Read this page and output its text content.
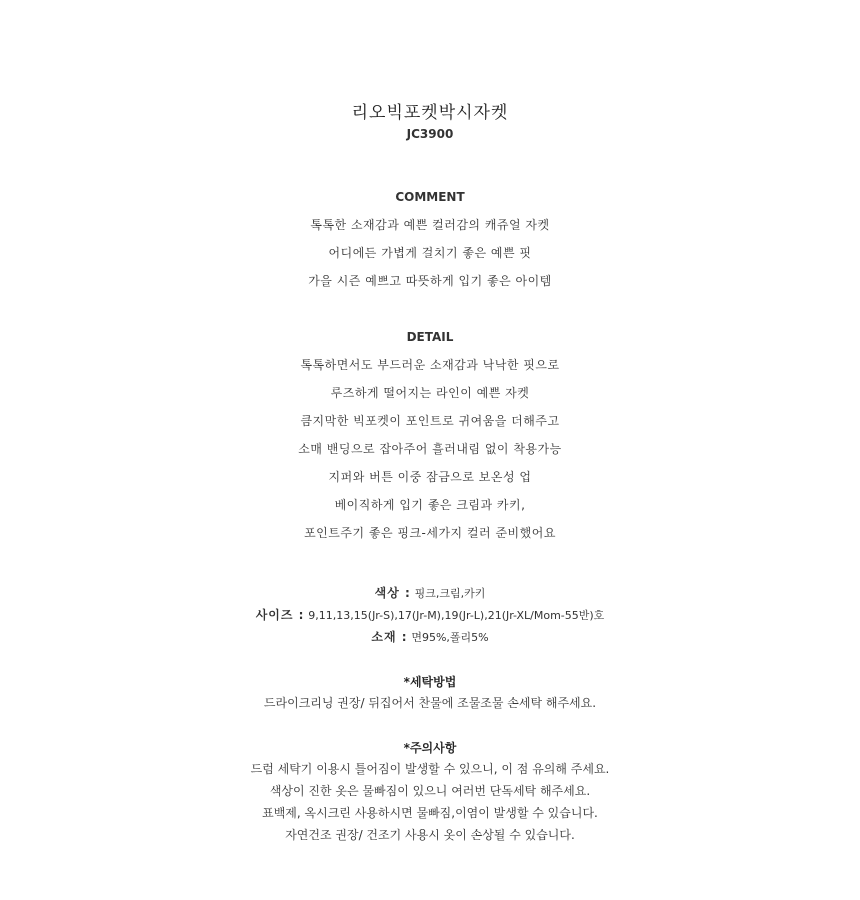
리오빅포켓박시자켓
JC3900
COMMENT
톡톡한 소재감과 예쁜 컬러감의 캐쥬얼 자켓
어디에든 가볍게 걸치기 좋은 예쁜 핏
가을 시즌 예쁘고 따뜻하게 입기 좋은 아이템
DETAIL
톡톡하면서도 부드러운 소재감과 낙낙한 핏으로
루즈하게 떨어지는 라인이 예쁜 자켓
큼지막한 빅포켓이 포인트로 귀여움을 더해주고
소매 밴딩으로 잡아주어 흘러내림 없이 착용가능
지퍼와 버튼 이중 잠금으로 보온성 업
베이직하게 입기 좋은 크림과 카키,
포인트주기 좋은 핑크-세가지 컬러 준비했어요
색상 : 핑크,크림,카키
사이즈 : 9,11,13,15(Jr-S),17(Jr-M),19(Jr-L),21(Jr-XL/Mom-55반)호
소재 : 면95%,폴리5%
*세탁방법
드라이크리닝 권장/ 뒤집어서 찬물에 조물조물 손세탁 해주세요.
*주의사항
드럼 세탁기 이용시 틀어짐이 발생할 수 있으니, 이 점 유의해 주세요.
색상이 진한 옷은 물빠짐이 있으니 여러번 단독세탁 해주세요.
표백제, 옥시크린 사용하시면 물빠짐,이염이 발생할 수 있습니다.
자연건조 권장/ 건조기 사용시 옷이 손상될 수 있습니다.
